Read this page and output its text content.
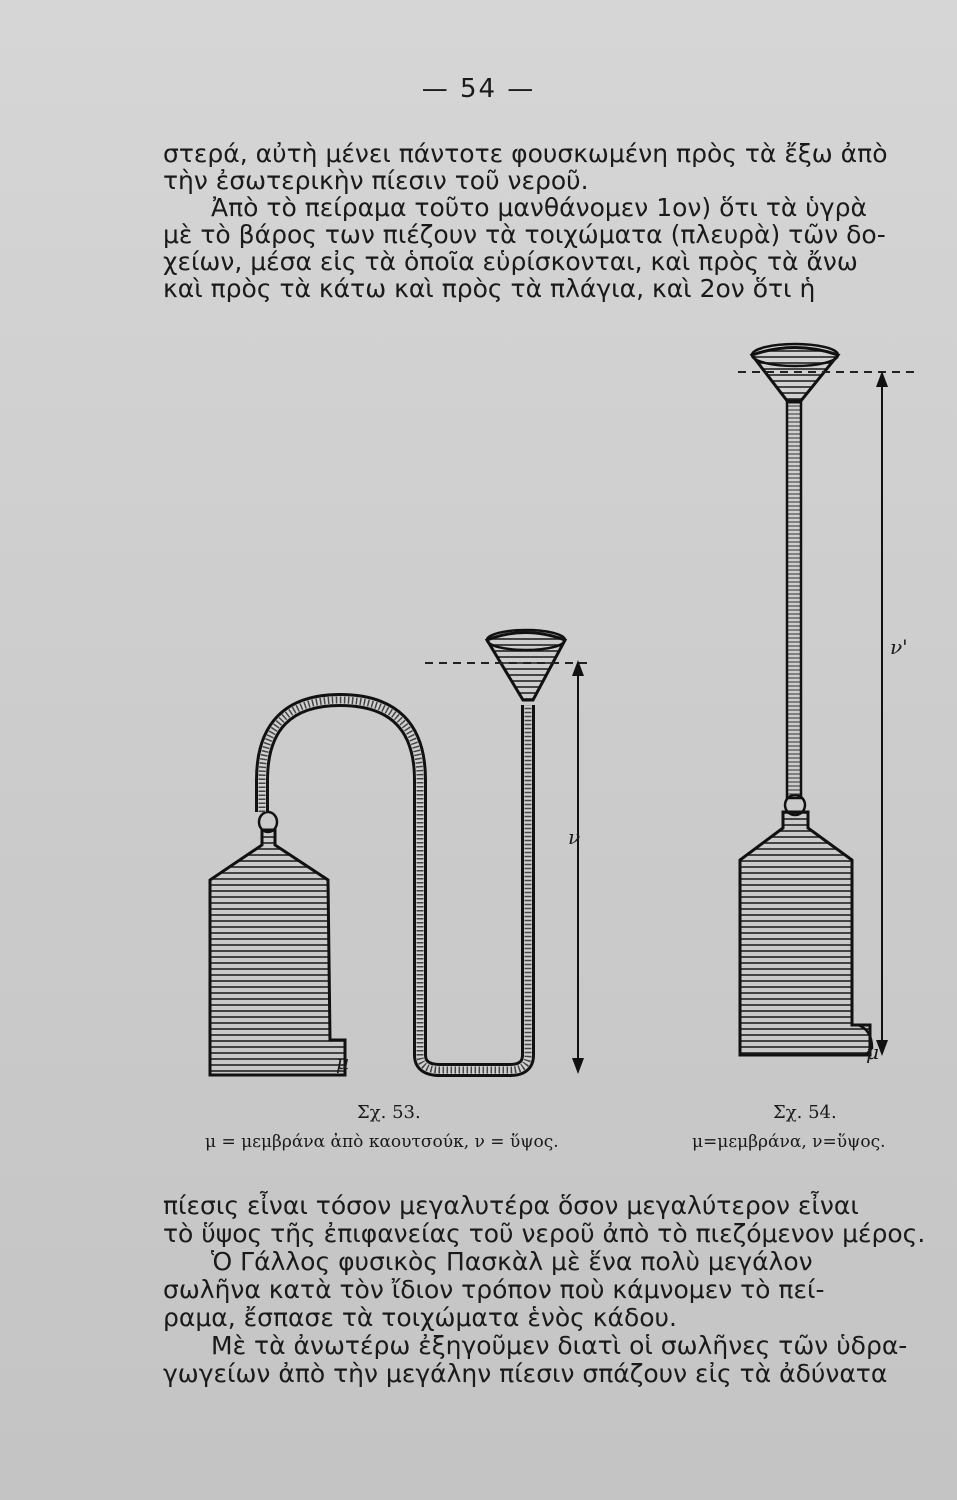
— 54 —
στερά, αὐτὴ μένει πάντοτε φουσκωμένη πρὸς τὰ ἔξω ἀπὸ
τὴν ἐσωτερικὴν πίεσιν τοῦ νεροῦ.
Ἀπὸ τὸ πείραμα τοῦτο μανθάνομεν 1ον) ὅτι τὰ ὑγρὰ
μὲ τὸ βάρος των πιέζουν τὰ τοιχώματα (πλευρὰ) τῶν δο-
χείων, μέσα εἰς τὰ ὁποῖα εὑρίσκονται, καὶ πρὸς τὰ ἄνω
καὶ πρὸς τὰ κάτω καὶ πρὸς τὰ πλάγια, καὶ 2ον ὅτι ἡ
μ
ν
μ
ν'
Σχ. 53.
μ = μεμβράνα ἀπὸ καουτσούκ, ν = ὕψος.
Σχ. 54.
μ=μεμβράνα, ν=ὕψος.
πίεσις εἶναι τόσον μεγαλυτέρα ὅσον μεγαλύτερον εἶναι
τὸ ὕψος τῆς ἐπιφανείας τοῦ νεροῦ ἀπὸ τὸ πιεζόμενον μέρος.
Ὁ Γάλλος φυσικὸς Πασκὰλ μὲ ἕνα πολὺ μεγάλον
σωλῆνα κατὰ τὸν ἴδιον τρόπον ποὺ κάμνομεν τὸ πεί-
ραμα, ἔσπασε τὰ τοιχώματα ἑνὸς κάδου.
Μὲ τὰ ἀνωτέρω ἐξηγοῦμεν διατὶ οἱ σωλῆνες τῶν ὑδρα-
γωγείων ἀπὸ τὴν μεγάλην πίεσιν σπάζουν εἰς τὰ ἀδύνατα
